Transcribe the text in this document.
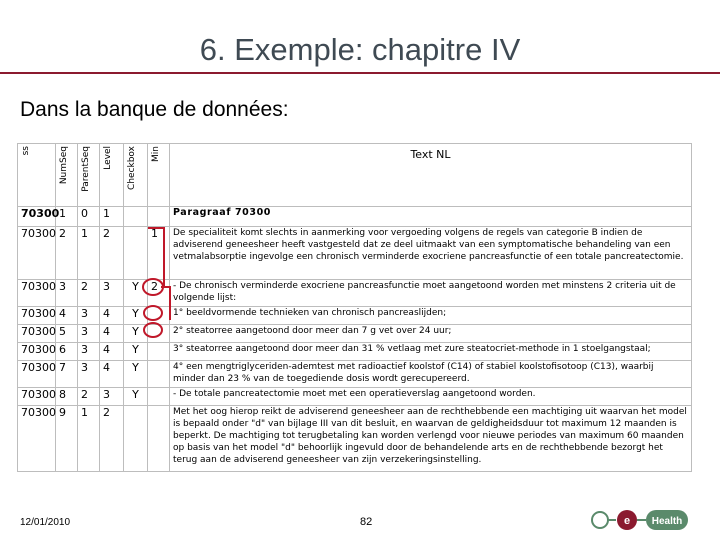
6. Exemple: chapitre IV
Dans la banque de données:
ss	NumSeq	ParentSeq	Level	Checkbox	Min	Text NL
70300	1	0	1			Paragraaf 70300
70300	2	1	2		1	De specialiteit komt slechts in aanmerking voor vergoeding volgens de regels van categorie B indien de adviserend geneesheer heeft vastgesteld dat ze deel uitmaakt van een symptomatische behandeling van een vetmalabsorptie ingevolge een chronisch verminderde exocriene pancreasfunctie of een totale pancreatectomie.
70300	3	2	3	Y	2	- De chronisch verminderde exocriene pancreasfunctie moet aangetoond worden met minstens 2 criteria uit de volgende lijst:
70300	4	3	4	Y		1° beeldvormende technieken van chronisch pancreaslijden;
70300	5	3	4	Y		2° steatorree aangetoond door meer dan 7 g vet over 24 uur;
70300	6	3	4	Y		3° steatorree aangetoond door meer dan 31 % vetlaag met zure steatocriet-methode in 1 stoelgangstaal;
70300	7	3	4	Y		4° een mengtriglyceriden-ademtest met radioactief koolstof (C14) of stabiel koolstofisotoop (C13), waarbij minder dan 23 % van de toegediende dosis wordt gerecupereerd.
70300	8	2	3	Y		- De totale pancreatectomie moet met een operatieverslag aangetoond worden.
70300	9	1	2			Met het oog hierop reikt de adviserend geneesheer aan de rechthebbende een machtiging uit waarvan het model is bepaald onder "d" van bijlage III van dit besluit, en waarvan de geldigheidsduur tot maximum 12 maanden is beperkt. De machtiging tot terugbetaling kan worden verlengd voor nieuwe periodes van maximum 60 maanden op basis van het model "d" behoorlijk ingevuld door de behandelende arts en de rechthebbende bezorgt het terug aan de adviserend geneesheer van zijn verzekeringsinstelling.
12/01/2010	82	e Health
